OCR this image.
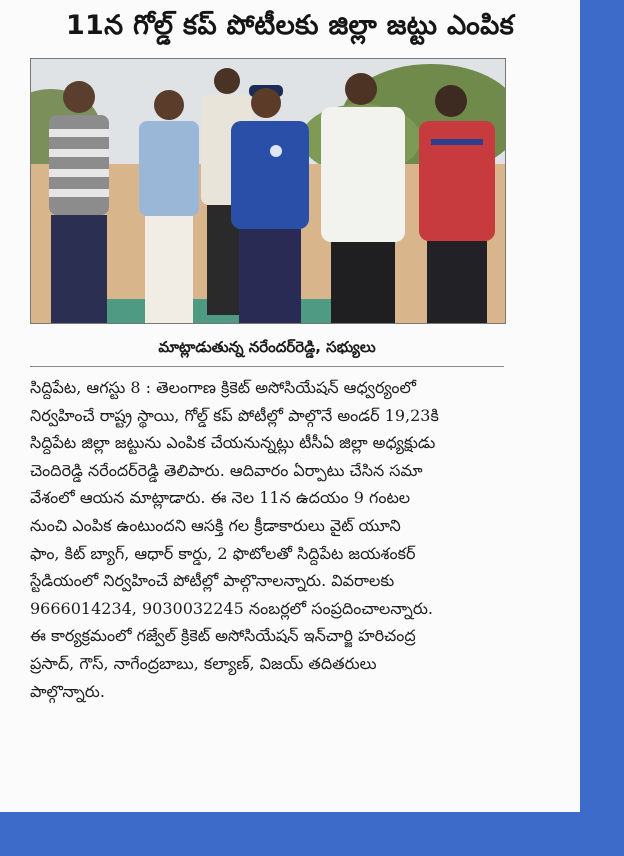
11న గోల్డ్ కప్ పోటీలకు జిల్లా జట్టు ఎంపిక
మాట్లాడుతున్న నరేందర్‌రెడ్డి, సభ్యులు
సిద్దిపేట, ఆగస్టు 8 : తెలంగాణ క్రికెట్ అసోసియేషన్ ఆధ్వర్యంలో
నిర్వహించే రాష్ట్ర స్థాయి, గోల్డ్ కప్ పోటీల్లో పాల్గొనే అండర్ 19,23కి
సిద్దిపేట జిల్లా జట్టును ఎంపిక చేయనున్నట్లు టీసీఏ జిల్లా అధ్యక్షుడు
చెందిరెడ్డి నరేందర్‌రెడ్డి తెలిపారు. ఆదివారం ఏర్పాటు చేసిన సమా
వేశంలో ఆయన మాట్లాడారు. ఈ నెల 11న ఉదయం 9 గంటల
నుంచి ఎంపిక ఉంటుందని ఆసక్తి గల క్రీడాకారులు వైట్ యూని
ఫాం, కిట్ బ్యాగ్, ఆధార్ కార్డు, 2 ఫొటోలతో సిద్దిపేట జయశంకర్
స్టేడియంలో నిర్వహించే పోటీల్లో పాల్గొనాలన్నారు. వివరాలకు
9666014234, 9030032245 నంబర్లలో సంప్రదించాలన్నారు.
ఈ కార్యక్రమంలో గజ్వేల్ క్రికెట్ అసోసియేషన్ ఇన్‌చార్జి హరిచంద్ర
ప్రసాద్, గౌస్, నాగేంద్రబాబు, కల్యాణ్, విజయ్ తదితరులు
పాల్గొన్నారు.
